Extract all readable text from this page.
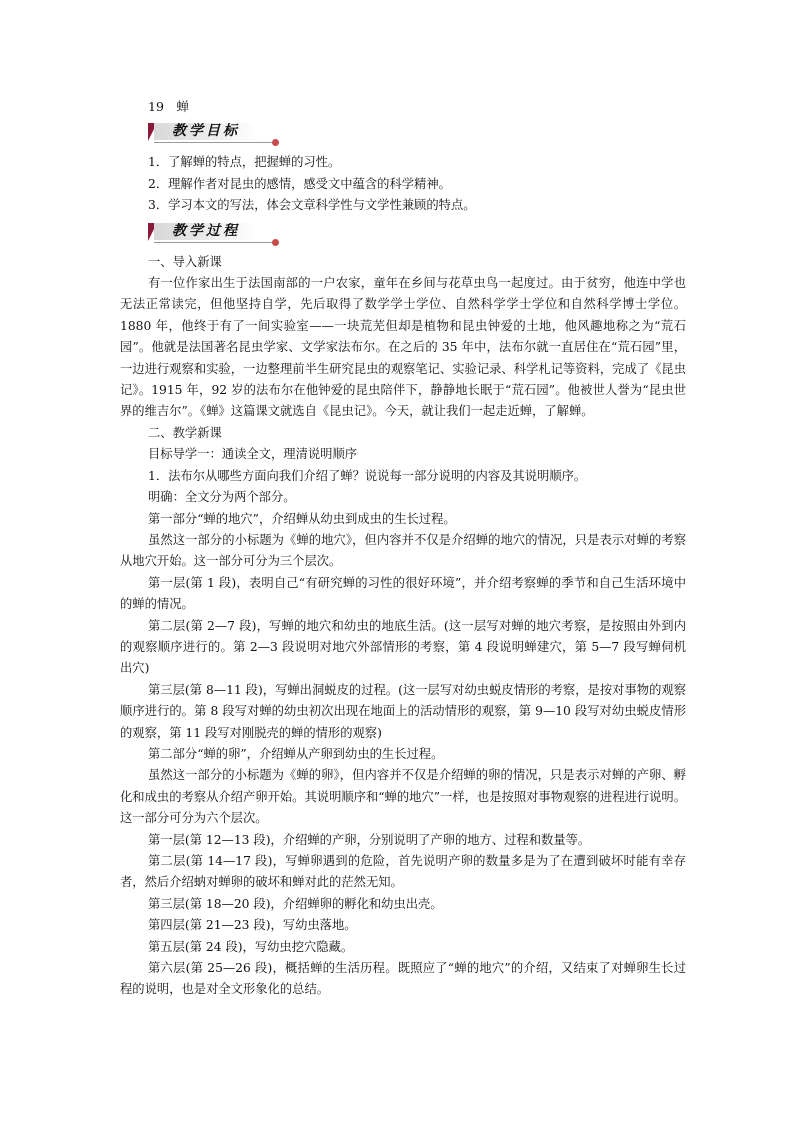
19　蝉

教学目标

1．了解蝉的特点，把握蝉的习性。

2．理解作者对昆虫的感情，感受文中蕴含的科学精神。

3．学习本文的写法，体会文章科学性与文学性兼顾的特点。

教学过程

一、导入新课

有一位作家出生于法国南部的一户农家，童年在乡间与花草虫鸟一起度过。由于贫穷，他连中学也无法正常读完，但他坚持自学，先后取得了数学学士学位、自然科学学士学位和自然科学博士学位。1880 年，他终于有了一间实验室——一块荒芜但却是植物和昆虫钟爱的土地，他风趣地称之为“荒石园”。他就是法国著名昆虫学家、文学家法布尔。在之后的 35 年中，法布尔就一直居住在“荒石园”里，一边进行观察和实验，一边整理前半生研究昆虫的观察笔记、实验记录、科学札记等资料，完成了《昆虫记》。1915 年，92 岁的法布尔在他钟爱的昆虫陪伴下，静静地长眠于“荒石园”。他被世人誉为“昆虫世界的维吉尔”。《蝉》这篇课文就选自《昆虫记》。今天，就让我们一起走近蝉，了解蝉。

二、教学新课

目标导学一：通读全文，理清说明顺序

1．法布尔从哪些方面向我们介绍了蝉？说说每一部分说明的内容及其说明顺序。

明确：全文分为两个部分。

第一部分“蝉的地穴”，介绍蝉从幼虫到成虫的生长过程。

虽然这一部分的小标题为《蝉的地穴》，但内容并不仅是介绍蝉的地穴的情况，只是表示对蝉的考察从地穴开始。这一部分可分为三个层次。

第一层(第 1 段)，表明自己“有研究蝉的习性的很好环境”，并介绍考察蝉的季节和自己生活环境中的蝉的情况。

第二层(第 2—7 段)，写蝉的地穴和幼虫的地底生活。(这一层写对蝉的地穴考察，是按照由外到内的观察顺序进行的。第 2—3 段说明对地穴外部情形的考察，第 4 段说明蝉建穴，第 5—7 段写蝉伺机出穴)

第三层(第 8—11 段)，写蝉出洞蜕皮的过程。(这一层写对幼虫蜕皮情形的考察，是按对事物的观察顺序进行的。第 8 段写对蝉的幼虫初次出现在地面上的活动情形的观察，第 9—10 段写对幼虫蜕皮情形的观察，第 11 段写对刚脱壳的蝉的情形的观察)

第二部分“蝉的卵”，介绍蝉从产卵到幼虫的生长过程。

虽然这一部分的小标题为《蝉的卵》，但内容并不仅是介绍蝉的卵的情况，只是表示对蝉的产卵、孵化和成虫的考察从介绍产卵开始。其说明顺序和“蝉的地穴”一样，也是按照对事物观察的进程进行说明。这一部分可分为六个层次。

第一层(第 12—13 段)，介绍蝉的产卵，分别说明了产卵的地方、过程和数量等。

第二层(第 14—17 段)，写蝉卵遇到的危险，首先说明产卵的数量多是为了在遭到破坏时能有幸存者，然后介绍蚋对蝉卵的破坏和蝉对此的茫然无知。

第三层(第 18—20 段)，介绍蝉卵的孵化和幼虫出壳。

第四层(第 21—23 段)，写幼虫落地。

第五层(第 24 段)，写幼虫挖穴隐藏。

第六层(第 25—26 段)，概括蝉的生活历程。既照应了“蝉的地穴”的介绍，又结束了对蝉卵生长过程的说明，也是对全文形象化的总结。
